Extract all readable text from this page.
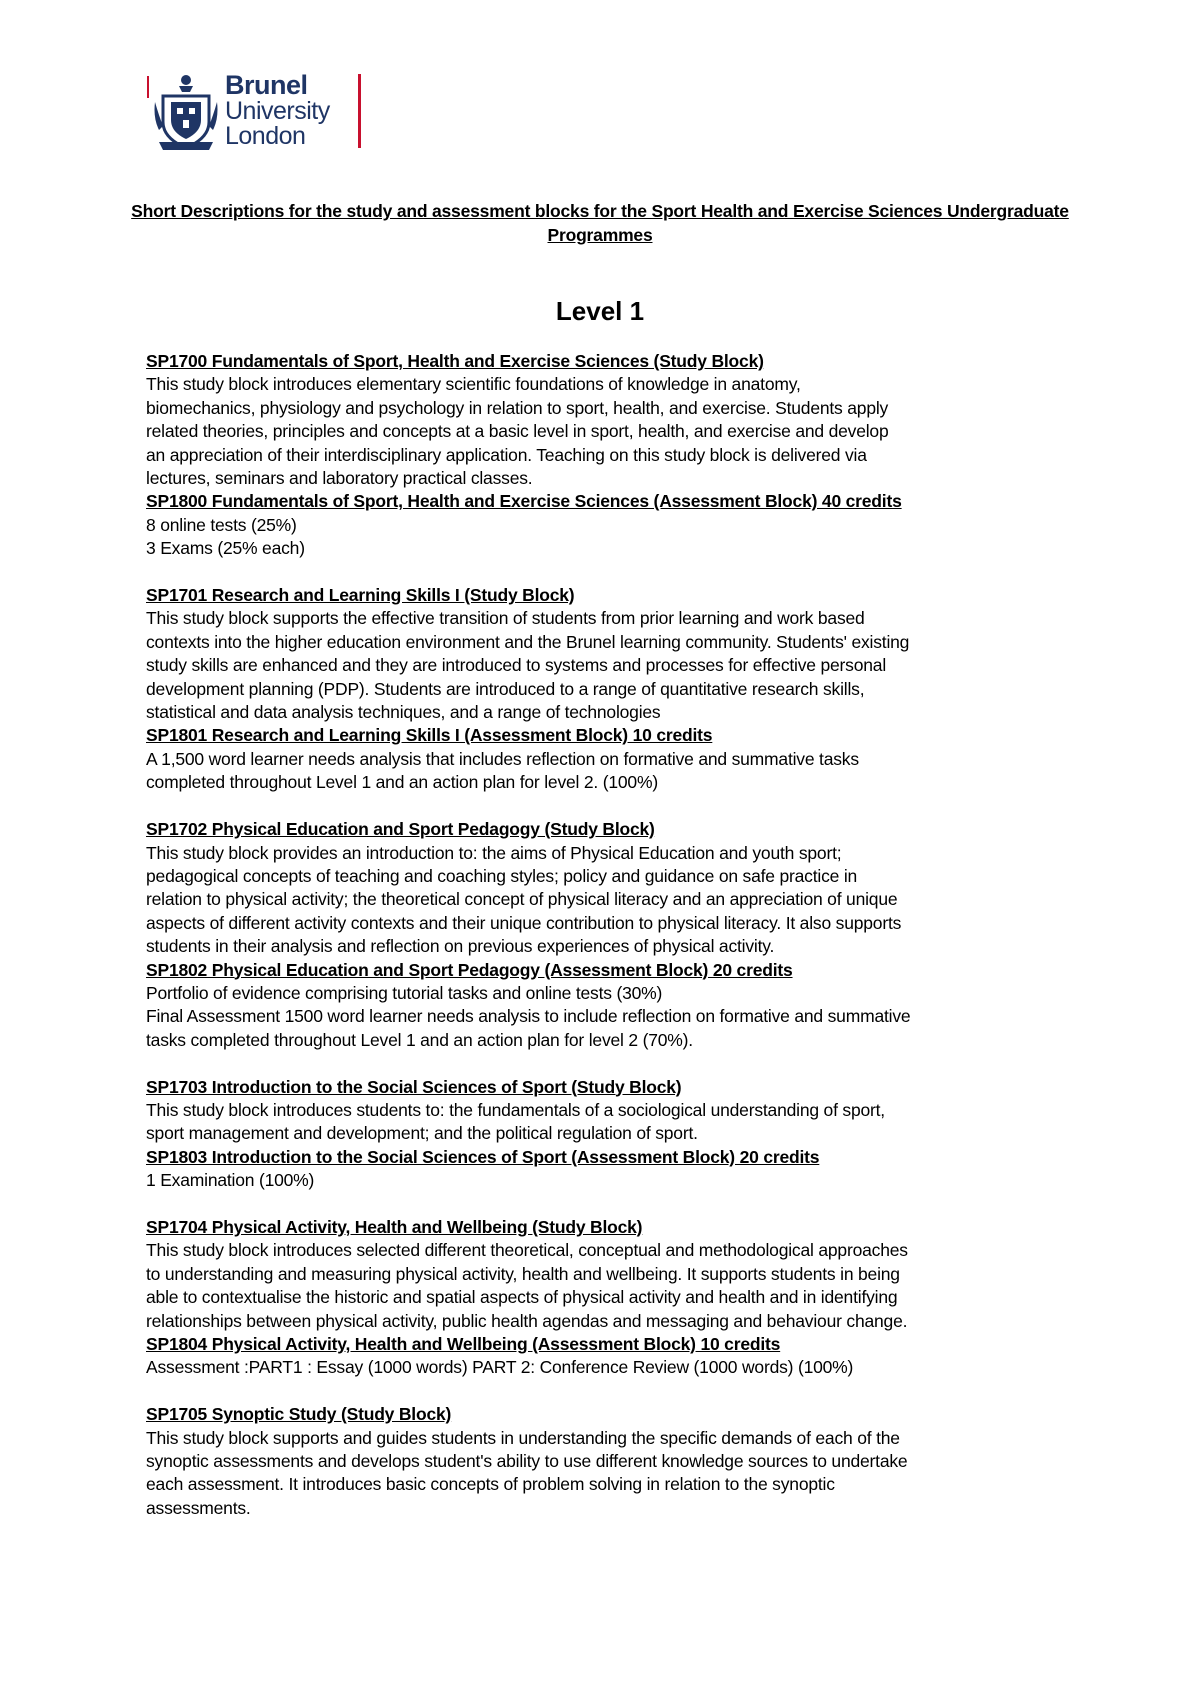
Brunel
University
London
Short Descriptions for the study and assessment blocks for the Sport Health and Exercise Sciences Undergraduate Programmes
Level 1

SP1700 Fundamentals of Sport, Health and Exercise Sciences (Study Block)

This study block introduces elementary scientific foundations of knowledge in anatomy,

biomechanics, physiology and psychology in relation to sport, health, and exercise. Students apply

related theories, principles and concepts at a basic level in sport, health, and exercise and develop

an appreciation of their interdisciplinary application. Teaching on this study block is delivered via

lectures, seminars and laboratory practical classes.

SP1800 Fundamentals of Sport, Health and Exercise Sciences (Assessment Block) 40 credits

8 online tests (25%)

3 Exams (25% each)

SP1701 Research and Learning Skills I (Study Block)

This study block supports the effective transition of students from prior learning and work based

contexts into the higher education environment and the Brunel learning community. Students' existing

study skills are enhanced and they are introduced to systems and processes for effective personal

development planning (PDP). Students are introduced to a range of quantitative research skills,

statistical and data analysis techniques, and a range of technologies

SP1801 Research and Learning Skills I (Assessment Block) 10 credits

A 1,500 word learner needs analysis that includes reflection on formative and summative tasks

completed throughout Level 1 and an action plan for level 2. (100%)

SP1702 Physical Education and Sport Pedagogy (Study Block)

This study block provides an introduction to: the aims of Physical Education and youth sport;

pedagogical concepts of teaching and coaching styles; policy and guidance on safe practice in

relation to physical activity; the theoretical concept of physical literacy and an appreciation of unique

aspects of different activity contexts and their unique contribution to physical literacy. It also supports

students in their analysis and reflection on previous experiences of physical activity.

SP1802 Physical Education and Sport Pedagogy (Assessment Block) 20 credits

Portfolio of evidence comprising tutorial tasks and online tests (30%)

Final Assessment 1500 word learner needs analysis to include reflection on formative and summative

tasks completed throughout Level 1 and an action plan for level 2 (70%).

SP1703 Introduction to the Social Sciences of Sport (Study Block)

This study block introduces students to: the fundamentals of a sociological understanding of sport,

sport management and development; and the political regulation of sport.

SP1803 Introduction to the Social Sciences of Sport (Assessment Block) 20 credits

1 Examination (100%)

SP1704 Physical Activity, Health and Wellbeing (Study Block)

This study block introduces selected different theoretical, conceptual and methodological approaches

to understanding and measuring physical activity, health and wellbeing. It supports students in being

able to contextualise the historic and spatial aspects of physical activity and health and in identifying

relationships between physical activity, public health agendas and messaging and behaviour change.

SP1804 Physical Activity, Health and Wellbeing (Assessment Block) 10 credits

Assessment :PART1 : Essay (1000 words) PART 2: Conference Review (1000 words) (100%)

SP1705 Synoptic Study (Study Block)

This study block supports and guides students in understanding the specific demands of each of the

synoptic assessments and develops student's ability to use different knowledge sources to undertake

each assessment. It introduces basic concepts of problem solving in relation to the synoptic

assessments.
